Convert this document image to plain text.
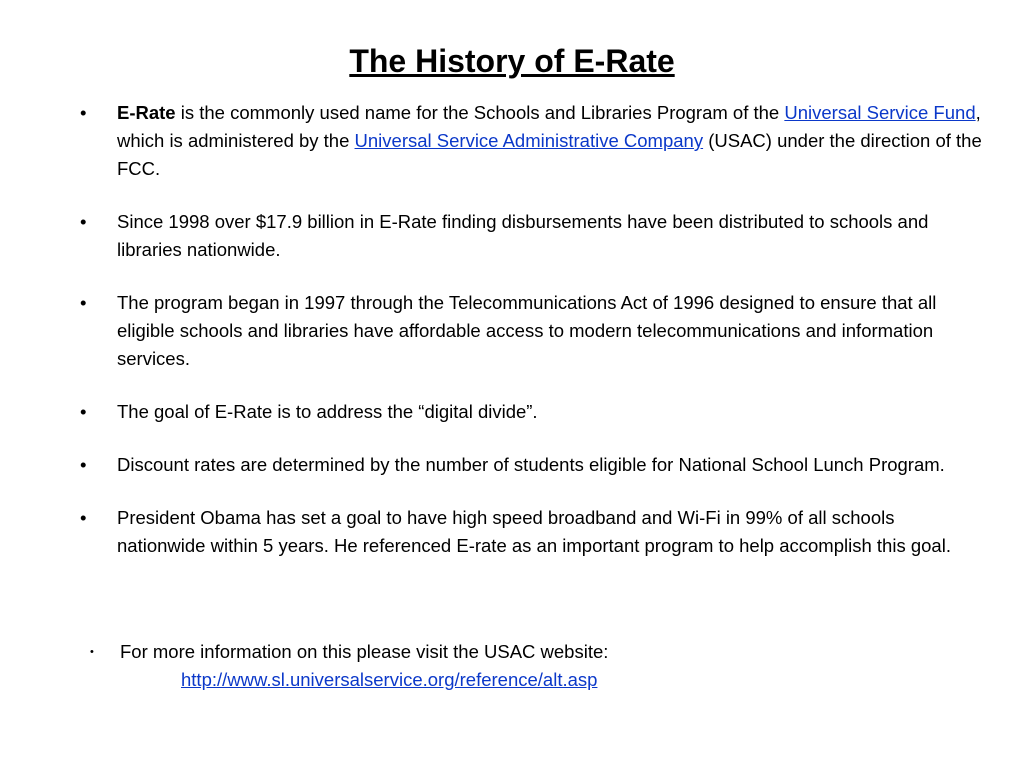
The History of E-Rate
• E-Rate is the commonly used name for the Schools and Libraries Program of the Universal Service Fund, which is administered by the Universal Service Administrative Company (USAC) under the direction of the FCC.
• Since 1998 over $17.9 billion in E-Rate finding disbursements have been distributed to schools and libraries nationwide.
• The program began in 1997 through the Telecommunications Act of 1996 designed to ensure that all eligible schools and libraries have affordable access to modern telecommunications and information services.
• The goal of E-Rate is to address the “digital divide”.
• Discount rates are determined by the number of students eligible for National School Lunch Program.
• President Obama has set a goal to have high speed broadband and Wi-Fi in 99% of all schools nationwide within 5 years. He referenced E-rate as an important program to help accomplish this goal.
• For more information on this please visit the USAC website:
http://www.sl.universalservice.org/reference/alt.asp
